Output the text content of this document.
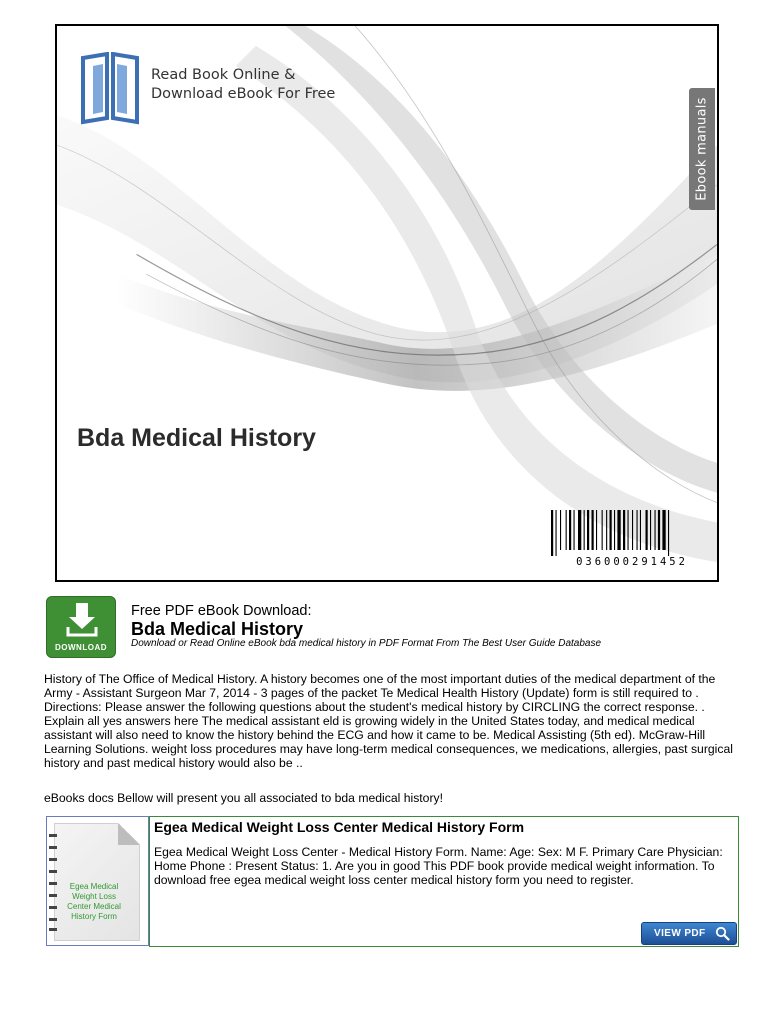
Read Book Online &
Download eBook For Free
Ebook manuals
Bda Medical History
036000291452
DOWNLOAD
Free PDF eBook Download:
Bda Medical History
Download or Read Online eBook bda medical history in PDF Format From The Best User Guide Database

History of The Office of Medical History. A history becomes one of the most important duties of the medical department of the Army - Assistant Surgeon Mar 7, 2014 - 3 pages of the packet Te Medical Health History (Update) form is still required to . Directions: Please answer the following questions about the student's medical history by CIRCLING the correct response. . Explain all yes answers here The medical assistant eld is growing widely in the United States today, and medical medical assistant will also need to know the history behind the ECG and how it came to be. Medical Assisting (5th ed). McGraw-Hill Learning Solutions. weight loss procedures may have long-term medical consequences, we medications, allergies, past surgical history and past medical history would also be ..

eBooks docs Bellow will present you all associated to bda medical history!

Egea Medical Weight Loss Center Medical History Form
Egea Medical Weight Loss Center Medical History Form

Egea Medical Weight Loss Center - Medical History Form. Name: Age: Sex: M F. Primary Care Physician: Home Phone : Present Status: 1. Are you in good This PDF book provide medical weight information. To download free egea medical weight loss center medical history form you need to register.

VIEW PDF
